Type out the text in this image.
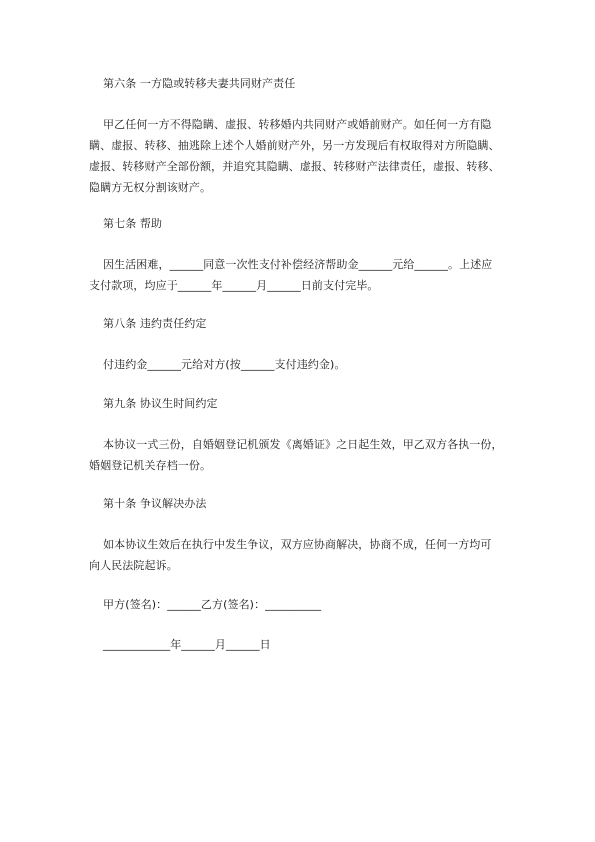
第六条 一方隐或转移夫妻共同财产责任
甲乙任何一方不得隐瞒、虚报、转移婚内共同财产或婚前财产。如任何一方有隐
瞒、虚报、转移、抽逃除上述个人婚前财产外，另一方发现后有权取得对方所隐瞒、
虚报、转移财产全部份额，并追究其隐瞒、虚报、转移财产法律责任，虚报、转移、
隐瞒方无权分割该财产。
第七条 帮助
因生活困难，______同意一次性支付补偿经济帮助金______元给______。上述应
支付款项，均应于______年______月______日前支付完毕。
第八条 违约责任约定
付违约金______元给对方(按______支付违约金)。
第九条 协议生时间约定
本协议一式三份，自婚姻登记机颁发《离婚证》之日起生效，甲乙双方各执一份，
婚姻登记机关存档一份。
第十条 争议解决办法
如本协议生效后在执行中发生争议，双方应协商解决，协商不成，任何一方均可
向人民法院起诉。
甲方(签名)：______乙方(签名)：__________
____________年______月______日
